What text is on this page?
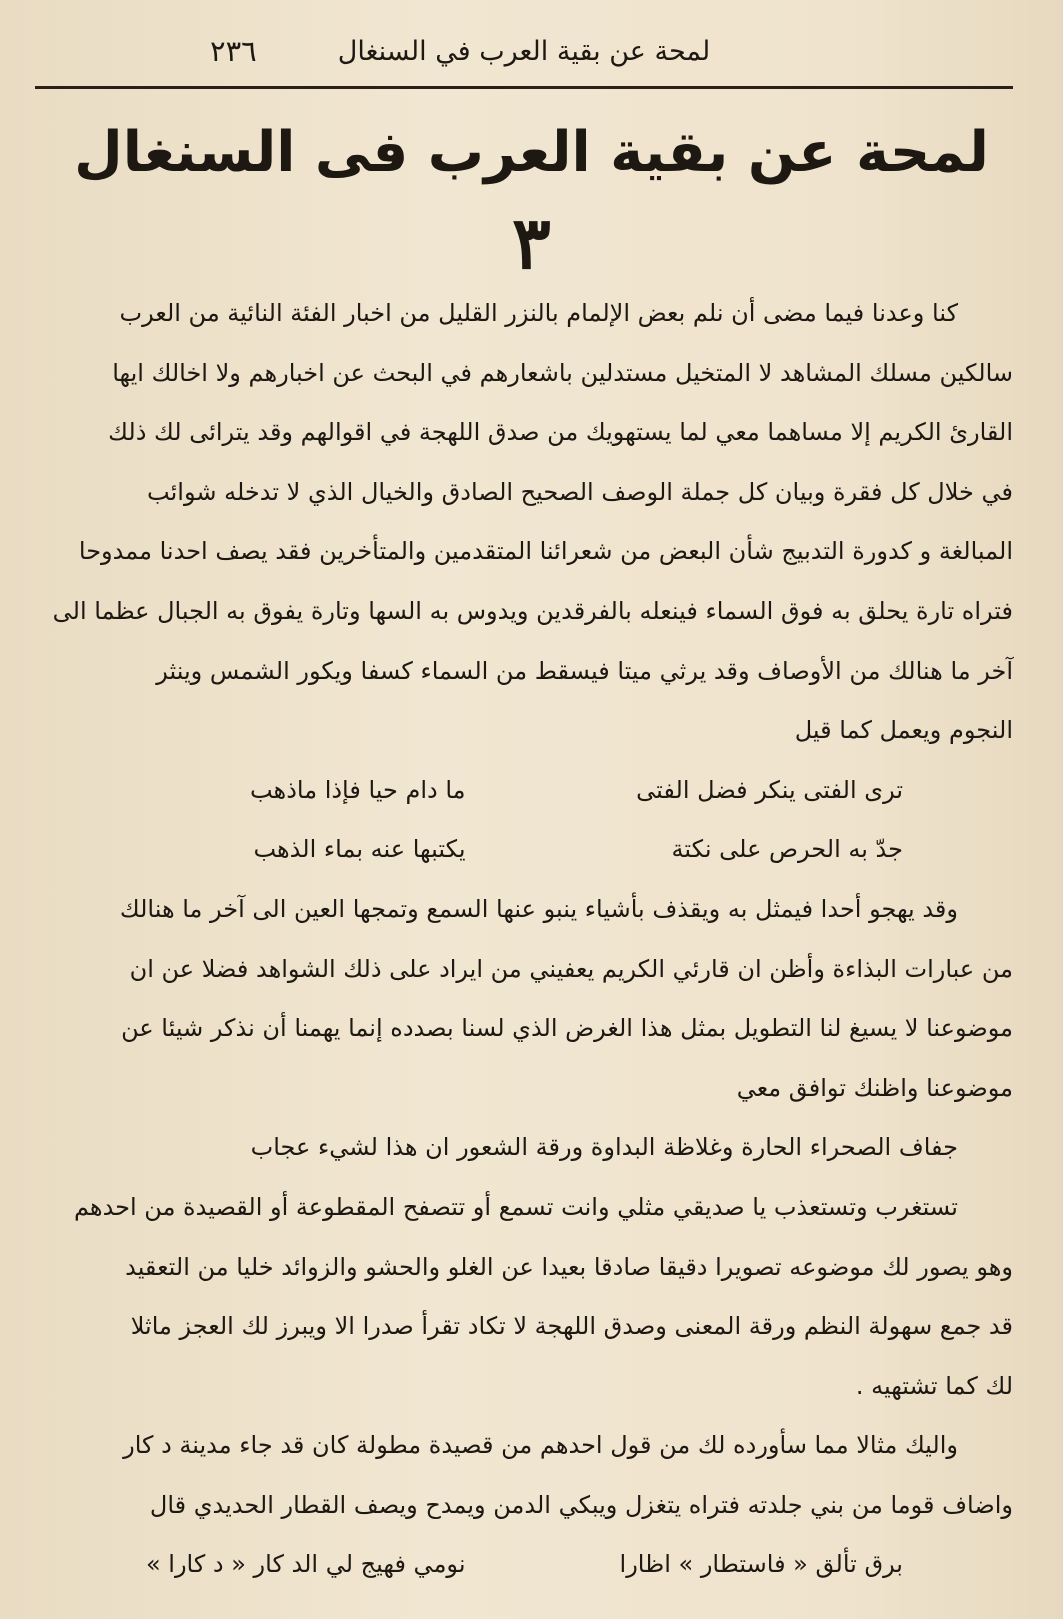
لمحة عن بقية العرب في السنغال
٢٣٦
لمحة عن بقية العرب فى السنغال
٣

كنا وعدنا فيما مضى أن نلم بعض الإلمام بالنزر القليل من اخبار الفئة النائية من العرب
سالكين مسلك المشاهد لا المتخيل مستدلين باشعارهم في البحث عن اخبارهم ولا اخالك ايها
القارئ الكريم إلا مساهما معي لما يستهويك من صدق اللهجة في اقوالهم وقد يترائى لك ذلك
في خلال كل فقرة وبيان كل جملة الوصف الصحيح الصادق والخيال الذي لا تدخله شوائب
المبالغة و كدورة التدبيج شأن البعض من شعرائنا المتقدمين والمتأخرين فقد يصف احدنا ممدوحا
فتراه تارة يحلق به فوق السماء فينعله بالفرقدين ويدوس به السها وتارة يفوق به الجبال عظما الى
آخر ما هنالك من الأوصاف وقد يرثي ميتا فيسقط من السماء كسفا ويكور الشمس وينثر
النجوم ويعمل كما قيل

ترى الفتى ينكر فضل الفتى
ما دام حيا فإذا ماذهب
جدّ به الحرص على نكتة
يكتبها عنه بماء الذهب

وقد يهجو أحدا فيمثل به ويقذف بأشياء ينبو عنها السمع وتمجها العين الى آخر ما هنالك
من عبارات البذاءة وأظن ان قارئي الكريم يعفيني من ايراد على ذلك الشواهد فضلا عن ان
موضوعنا لا يسيغ لنا التطويل بمثل هذا الغرض الذي لسنا بصدده إنما يهمنا أن نذكر شيئا عن
موضوعنا واظنك توافق معي

جفاف الصحراء الحارة وغلاظة البداوة ورقة الشعور ان هذا لشيء عجاب

تستغرب وتستعذب يا صديقي مثلي وانت تسمع أو تتصفح المقطوعة أو القصيدة من احدهم
وهو يصور لك موضوعه تصويرا دقيقا صادقا بعيدا عن الغلو والحشو والزوائد خليا من التعقيد
قد جمع سهولة النظم ورقة المعنى وصدق اللهجة لا تكاد تقرأ صدرا الا ويبرز لك العجز ماثلا
لك كما تشتهيه .

واليك مثالا مما سأورده لك من قول احدهم من قصيدة مطولة كان قد جاء مدينة د كار
واضاف قوما من بني جلدته فتراه يتغزل ويبكي الدمن ويمدح ويصف القطار الحديدي قال

برق تألق « فاستطار » اظارا
نومي فهيج لي الد كار « د كارا »
